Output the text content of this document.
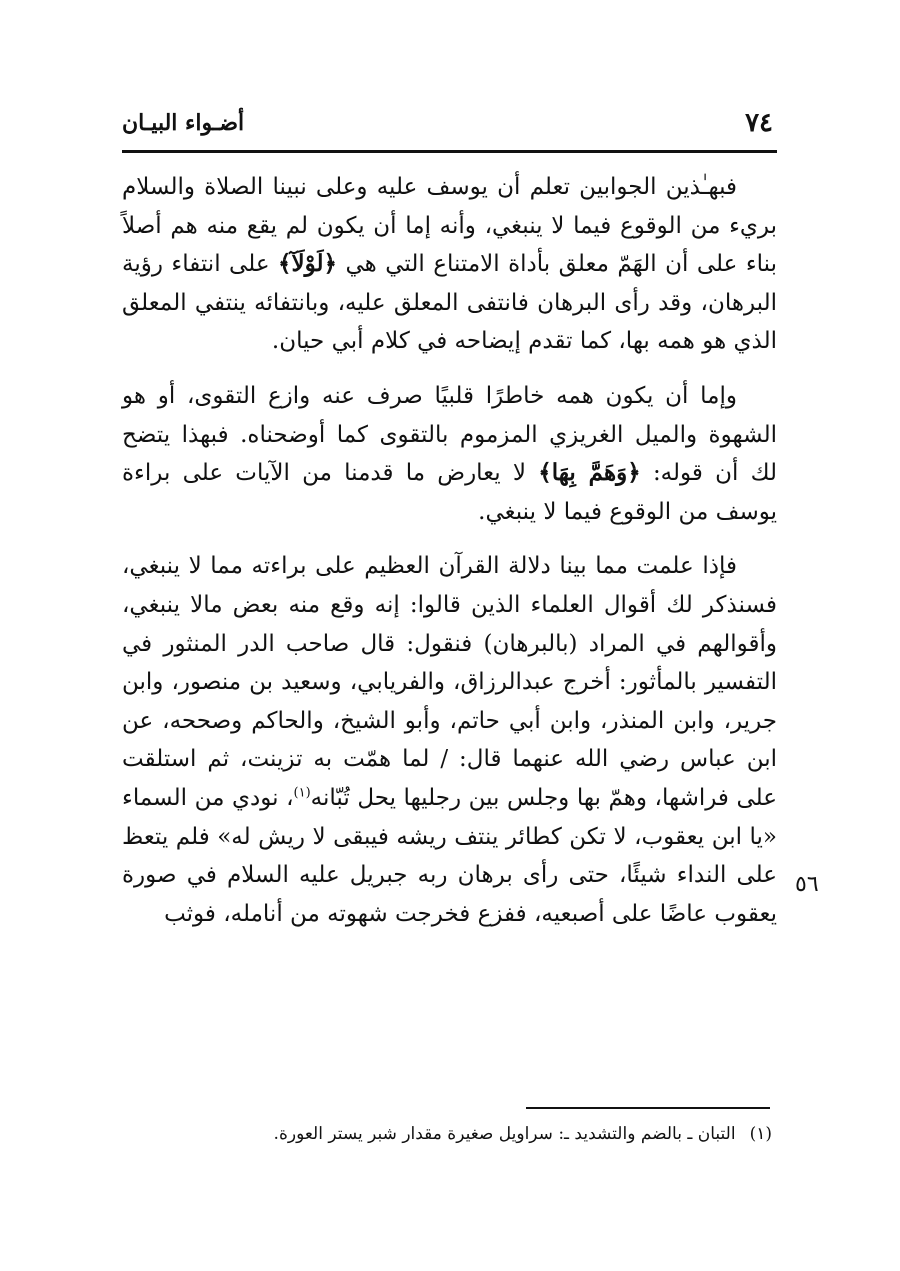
أضـواء البيـان	٧٤

فبهـٰذين الجوابين تعلم أن يوسف عليه وعلى نبينا الصلاة والسلام بريء من الوقوع فيما لا ينبغي، وأنه إما أن يكون لم يقع منه هم أصلاً بناء على أن الهَمّ معلق بأداة الامتناع التي هي ﴿لَوْلَآ﴾ على انتفاء رؤية البرهان، وقد رأى البرهان فانتفى المعلق عليه، وبانتفائه ينتفي المعلق الذي هو همه بها، كما تقدم إيضاحه في كلام أبي حيان.

وإما أن يكون همه خاطرًا قلبيًا صرف عنه وازع التقوى، أو هو الشهوة والميل الغريزي المزموم بالتقوى كما أوضحناه. فبهذا يتضح لك أن قوله: ﴿وَهَمَّ بِهَا﴾ لا يعارض ما قدمنا من الآيات على براءة يوسف من الوقوع فيما لا ينبغي.

فإذا علمت مما بينا دلالة القرآن العظيم على براءته مما لا ينبغي، فسنذكر لك أقوال العلماء الذين قالوا: إنه وقع منه بعض مالا ينبغي، وأقوالهم في المراد (بالبرهان) فنقول: قال صاحب الدر المنثور في التفسير بالمأثور: أخرج عبدالرزاق، والفريابي، وسعيد بن منصور، وابن جرير، وابن المنذر، وابن أبي حاتم، وأبو الشيخ، والحاكم وصححه، عن ابن عباس رضي الله عنهما قال: / لما همّت به تزينت، ثم استلقت على فراشها، وهمّ بها وجلس بين رجليها يحل تُبّانه$^{(١)}$، نودي من السماء «يا ابن يعقوب، لا تكن كطائر ينتف ريشه فيبقى لا ريش له» فلم يتعظ على النداء شيئًا، حتى رأى برهان ربه جبريل عليه السلام في صورة يعقوب عاضًا على أصبعيه، ففزع فخرجت شهوته من أنامله، فوثب

٥٦
(١)التبان ـ بالضم والتشديد ـ: سراويل صغيرة مقدار شبر يستر العورة.
